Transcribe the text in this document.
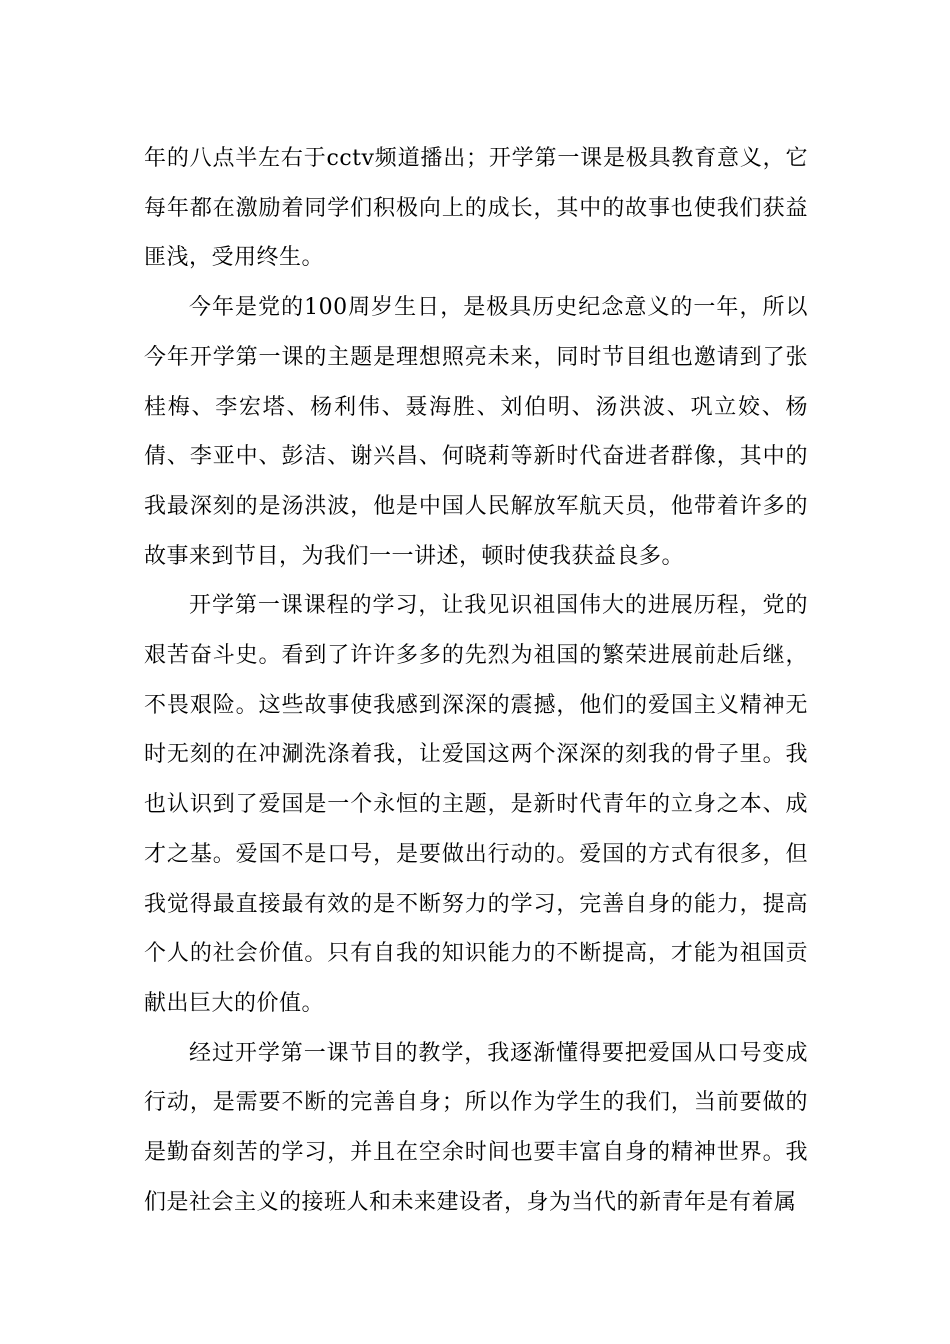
年的八点半左右于cctv频道播出；开学第一课是极具教育意义，它每年都在激励着同学们积极向上的成长，其中的故事也使我们获益匪浅，受用终生。

今年是党的100周岁生日，是极具历史纪念意义的一年，所以今年开学第一课的主题是理想照亮未来，同时节目组也邀请到了张桂梅、李宏塔、杨利伟、聂海胜、刘伯明、汤洪波、巩立姣、杨倩、李亚中、彭洁、谢兴昌、何晓莉等新时代奋进者群像，其中的我最深刻的是汤洪波，他是中国人民解放军航天员，他带着许多的故事来到节目，为我们一一讲述，顿时使我获益良多。

开学第一课课程的学习，让我见识祖国伟大的进展历程，党的艰苦奋斗史。看到了许许多多的先烈为祖国的繁荣进展前赴后继，不畏艰险。这些故事使我感到深深的震撼，他们的爱国主义精神无时无刻的在冲涮洗涤着我，让爱国这两个深深的刻我的骨子里。我也认识到了爱国是一个永恒的主题，是新时代青年的立身之本、成才之基。爱国不是口号，是要做出行动的。爱国的方式有很多，但我觉得最直接最有效的是不断努力的学习，完善自身的能力，提高个人的社会价值。只有自我的知识能力的不断提高，才能为祖国贡献出巨大的价值。

经过开学第一课节目的教学，我逐渐懂得要把爱国从口号变成行动，是需要不断的完善自身；所以作为学生的我们，当前要做的是勤奋刻苦的学习，并且在空余时间也要丰富自身的精神世界。我们是社会主义的接班人和未来建设者，身为当代的新青年是有着属
